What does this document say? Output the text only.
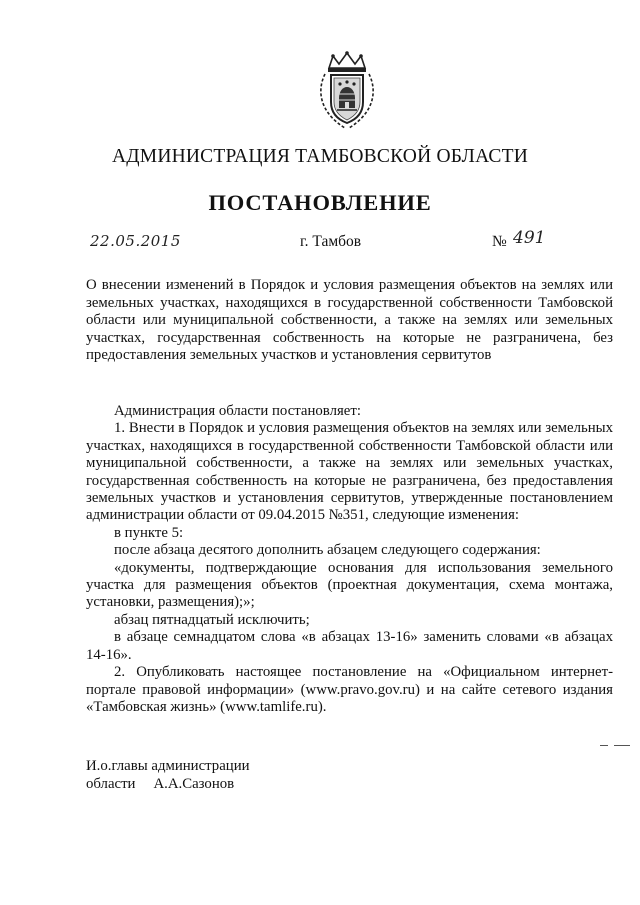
АДМИНИСТРАЦИЯ ТАМБОВСКОЙ ОБЛАСТИ
ПОСТАНОВЛЕНИЕ
22.05.2015	г. Тамбов	№ 491
О внесении изменений в Порядок и условия размещения объектов на землях или земельных участках, находящихся в государственной собственности Тамбовской области или муниципальной собственности, а также на землях или земельных участках, государственная собственность на которые не разграничена, без предоставления земельных участков и установления сервитутов

Администрация области постановляет:

1. Внести в Порядок и условия размещения объектов на землях или земельных участках, находящихся в государственной собственности Тамбовской области или муниципальной собственности, а также на землях или земельных участках, государственная собственность на которые не разграничена, без предоставления земельных участков и установления сервитутов, утвержденные постановлением администрации области от 09.04.2015 №351, следующие изменения:

в пункте 5:

после абзаца десятого дополнить абзацем следующего содержания:

«документы, подтверждающие основания для использования земельного участка для размещения объектов (проектная документация, схема монтажа, установки, размещения);»;

абзац пятнадцатый исключить;

в абзаце семнадцатом слова «в абзацах 13-16» заменить словами «в абзацах 14-16».

2. Опубликовать настоящее постановление на «Официальном интернет-портале правовой информации» (www.pravo.gov.ru) и на сайте сетевого издания «Тамбовская жизнь» (www.tamlife.ru).

И.о.главы администрации
области А.А.Сазонов
